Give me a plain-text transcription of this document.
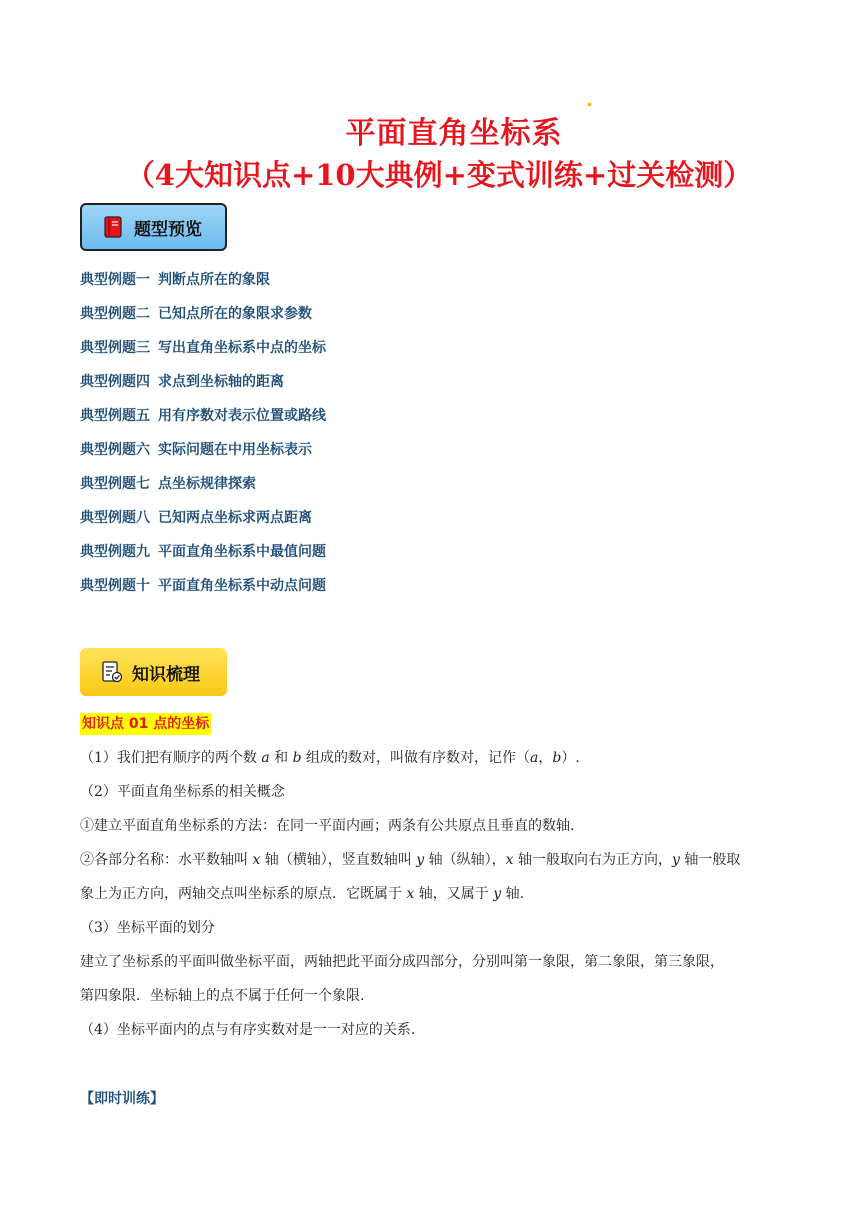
平面直角坐标系
（4大知识点+10大典例+变式训练+过关检测）
题型预览
典型例题一 判断点所在的象限
典型例题二 已知点所在的象限求参数
典型例题三 写出直角坐标系中点的坐标
典型例题四 求点到坐标轴的距离
典型例题五 用有序数对表示位置或路线
典型例题六 实际问题在中用坐标表示
典型例题七 点坐标规律探索
典型例题八 已知两点坐标求两点距离
典型例题九 平面直角坐标系中最值问题
典型例题十 平面直角坐标系中动点问题
知识梳理
知识点 01 点的坐标

（1）我们把有顺序的两个数 a 和 b 组成的数对，叫做有序数对，记作（a，b）.

（2）平面直角坐标系的相关概念

①建立平面直角坐标系的方法：在同一平面内画；两条有公共原点且垂直的数轴.

②各部分名称：水平数轴叫 x 轴（横轴），竖直数轴叫 y 轴（纵轴），x 轴一般取向右为正方向，y 轴一般取
象上为正方向，两轴交点叫坐标系的原点．它既属于 x 轴，又属于 y 轴.

（3）坐标平面的划分

建立了坐标系的平面叫做坐标平面，两轴把此平面分成四部分，分别叫第一象限，第二象限，第三象限，
第四象限．坐标轴上的点不属于任何一个象限.

（4）坐标平面内的点与有序实数对是一一对应的关系.

【即时训练】
